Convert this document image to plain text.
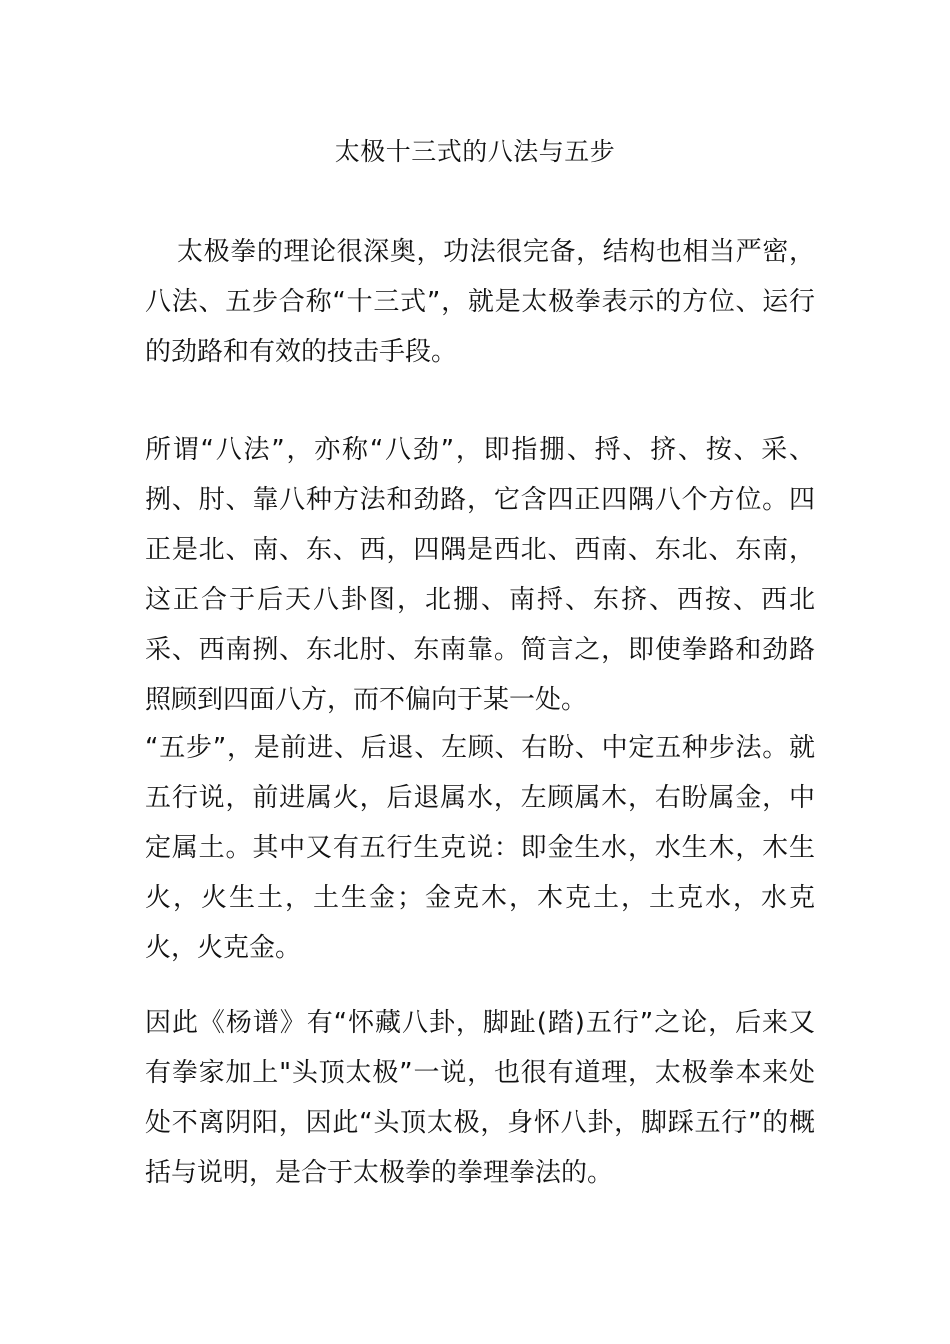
太极十三式的八法与五步

太极拳的理论很深奥，功法很完备，结构也相当严密，八法、五步合称“十三式”，就是太极拳表示的方位、运行的劲路和有效的技击手段。

所谓“八法”，亦称“八劲”，即指掤、捋、挤、按、采、挒、肘、靠八种方法和劲路，它含四正四隅八个方位。四正是北、南、东、西，四隅是西北、西南、东北、东南，这正合于后天八卦图，北掤、南捋、东挤、西按、西北采、西南挒、东北肘、东南靠。简言之，即使拳路和劲路照顾到四面八方，而不偏向于某一处。

“五步”，是前进、后退、左顾、右盼、中定五种步法。就五行说，前进属火，后退属水，左顾属木，右盼属金，中定属土。其中又有五行生克说：即金生水，水生木，木生火，火生土，土生金；金克木，木克土，土克水，水克火，火克金。

因此《杨谱》有“怀藏八卦，脚趾(踏)五行”之论，后来又有拳家加上"头顶太极”一说，也很有道理，太极拳本来处处不离阴阳，因此“头顶太极，身怀八卦，脚踩五行”的概括与说明，是合于太极拳的拳理拳法的。
